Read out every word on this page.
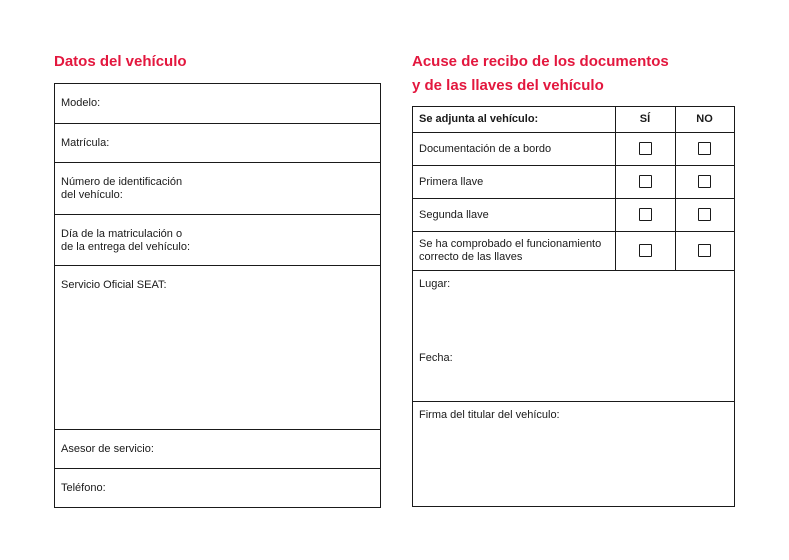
Datos del vehículo
Modelo:
Matrícula:
Número de identificación
del vehículo:
Día de la matriculación o
de la entrega del vehículo:
Servicio Oficial SEAT:
Asesor de servicio:
Teléfono:
Acuse de recibo de los documentos
y de las llaves del vehículo
Se adjunta al vehículo:	SÍ	NO
Documentación de a bordo
Primera llave
Segunda llave
Se ha comprobado el funcionamiento
correcto de las llaves
Lugar:
Fecha:
Firma del titular del vehículo:
